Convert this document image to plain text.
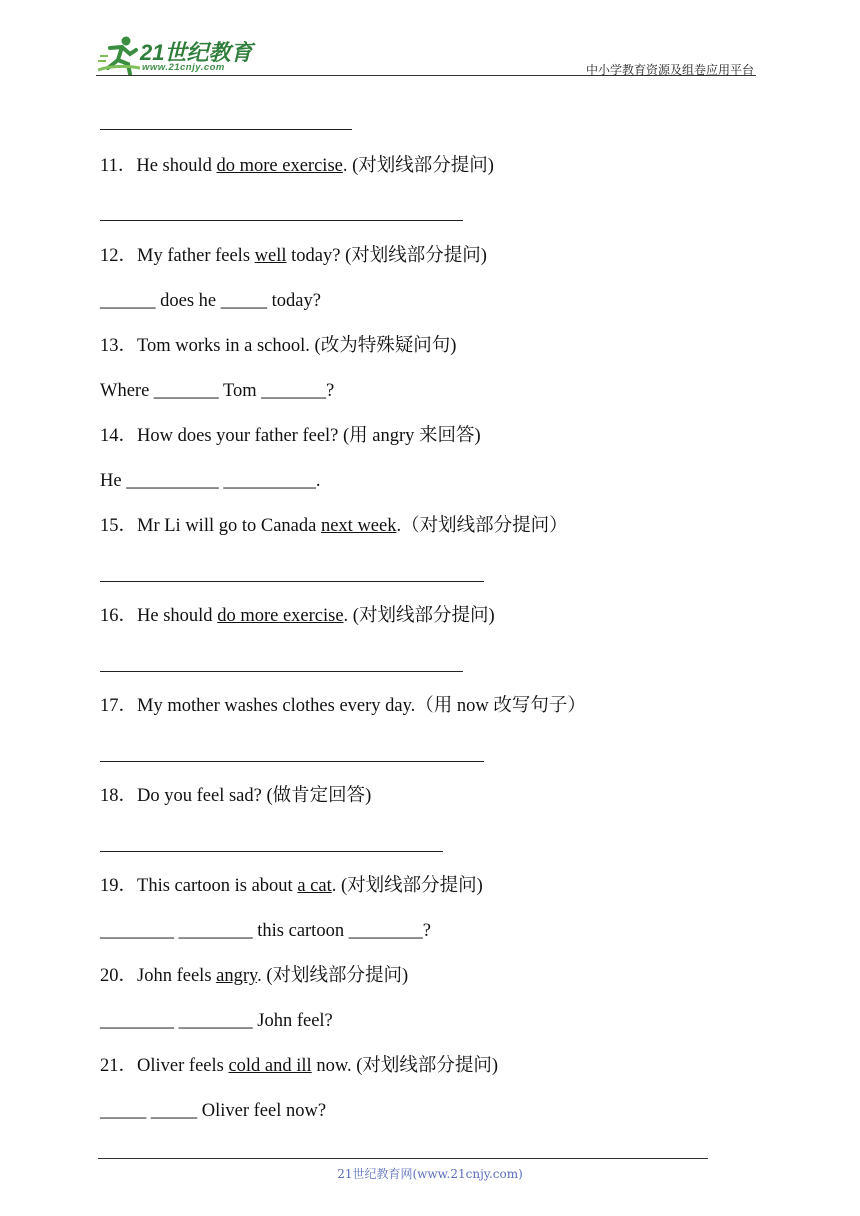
21世纪教育
www.21cnjy.com	中小学教育资源及组卷应用平台
11．He should do more exercise. (对划线部分提问)
12．My father feels well today? (对划线部分提问)
______ does he _____ today?
13．Tom works in a school. (改为特殊疑问句)
Where _______ Tom _______?
14．How does your father feel? (用 angry 来回答)
He __________ __________.
15．Mr Li will go to Canada next week.（对划线部分提问）
16．He should do more exercise. (对划线部分提问)
17．My mother washes clothes every day.（用 now 改写句子）
18．Do you feel sad? (做肯定回答)
19．This cartoon is about a cat. (对划线部分提问)
________ ________ this cartoon ________?
20．John feels angry. (对划线部分提问)
________ ________ John feel?
21．Oliver feels cold and ill now. (对划线部分提问)
_____ _____ Oliver feel now?
21世纪教育网(www.21cnjy.com)
